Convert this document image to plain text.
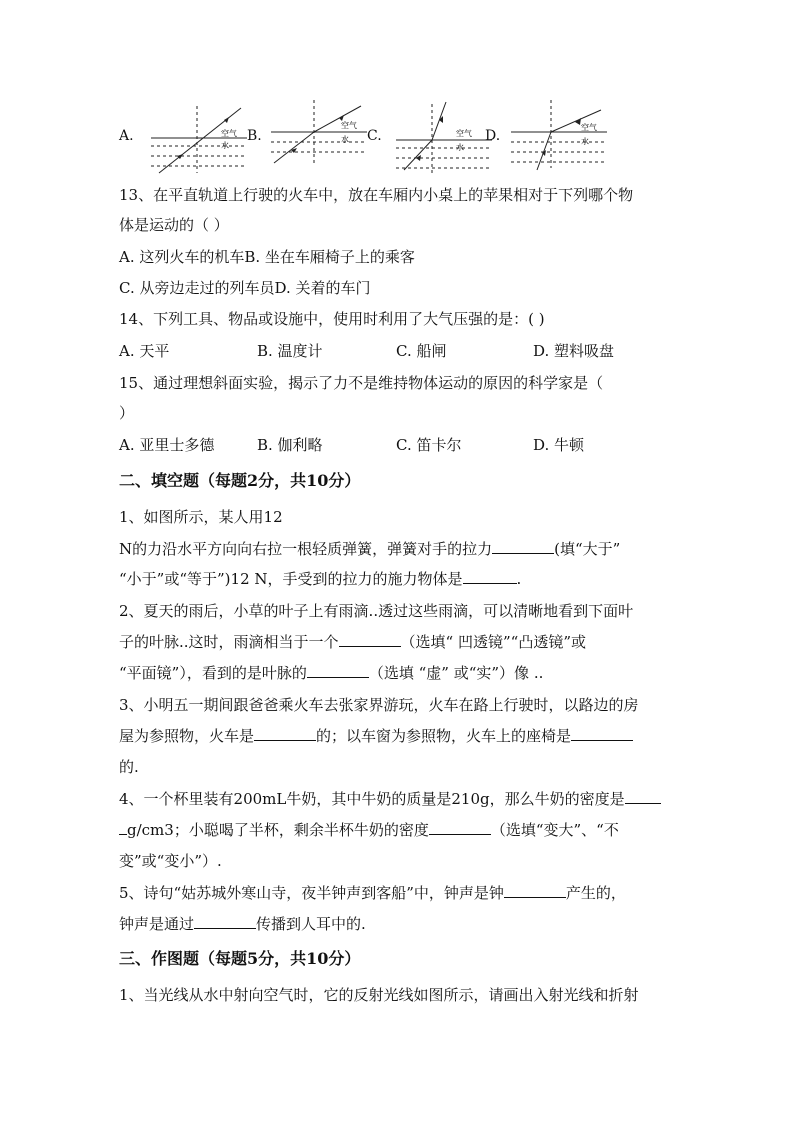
A.	空气
水
B.
空气
水 C.	空气
水
D.
空气
水
13、在平直轨道上行驶的火车中，放在车厢内小桌上的苹果相对于下列哪个物
体是运动的（ ）
A. 这列火车的机车B. 坐在车厢椅子上的乘客
C. 从旁边走过的列车员D. 关着的车门
14、下列工具、物品或设施中，使用时利用了大气压强的是：( )
A. 天平	B. 温度计	C. 船闸	D. 塑料吸盘
15、通过理想斜面实验，揭示了力不是维持物体运动的原因的科学家是（
）
A. 亚里士多德	B. 伽利略	C. 笛卡尔	D. 牛顿
二、填空题（每题2分，共10分）
1、如图所示，某人用12
N的力沿水平方向向右拉一根轻质弹簧，弹簧对手的拉力	(填“大于”
“小于”或“等于”)12 N，手受到的拉力的施力物体是	.
2、夏天的雨后，小草的叶子上有雨滴..透过这些雨滴，可以清晰地看到下面叶
子的叶脉..这时，雨滴相当于一个	（选填“ 凹透镜”“凸透镜”或
“平面镜”），看到的是叶脉的	（选填 “虚” 或“实”）像 ..
3、小明五一期间跟爸爸乘火车去张家界游玩，火车在路上行驶时，以路边的房
屋为参照物，火车是	的；以车窗为参照物，火车上的座椅是
的.
4、一个杯里装有200mL牛奶，其中牛奶的质量是210g，那么牛奶的密度是
g/cm3；小聪喝了半杯，剩余半杯牛奶的密度	（选填“变大”、“不
变”或“变小”）.
5、诗句“姑苏城外寒山寺，夜半钟声到客船”中，钟声是钟	产生的，
钟声是通过	传播到人耳中的.
三、作图题（每题5分，共10分）
1、当光线从水中射向空气时，它的反射光线如图所示，请画出入射光线和折射
